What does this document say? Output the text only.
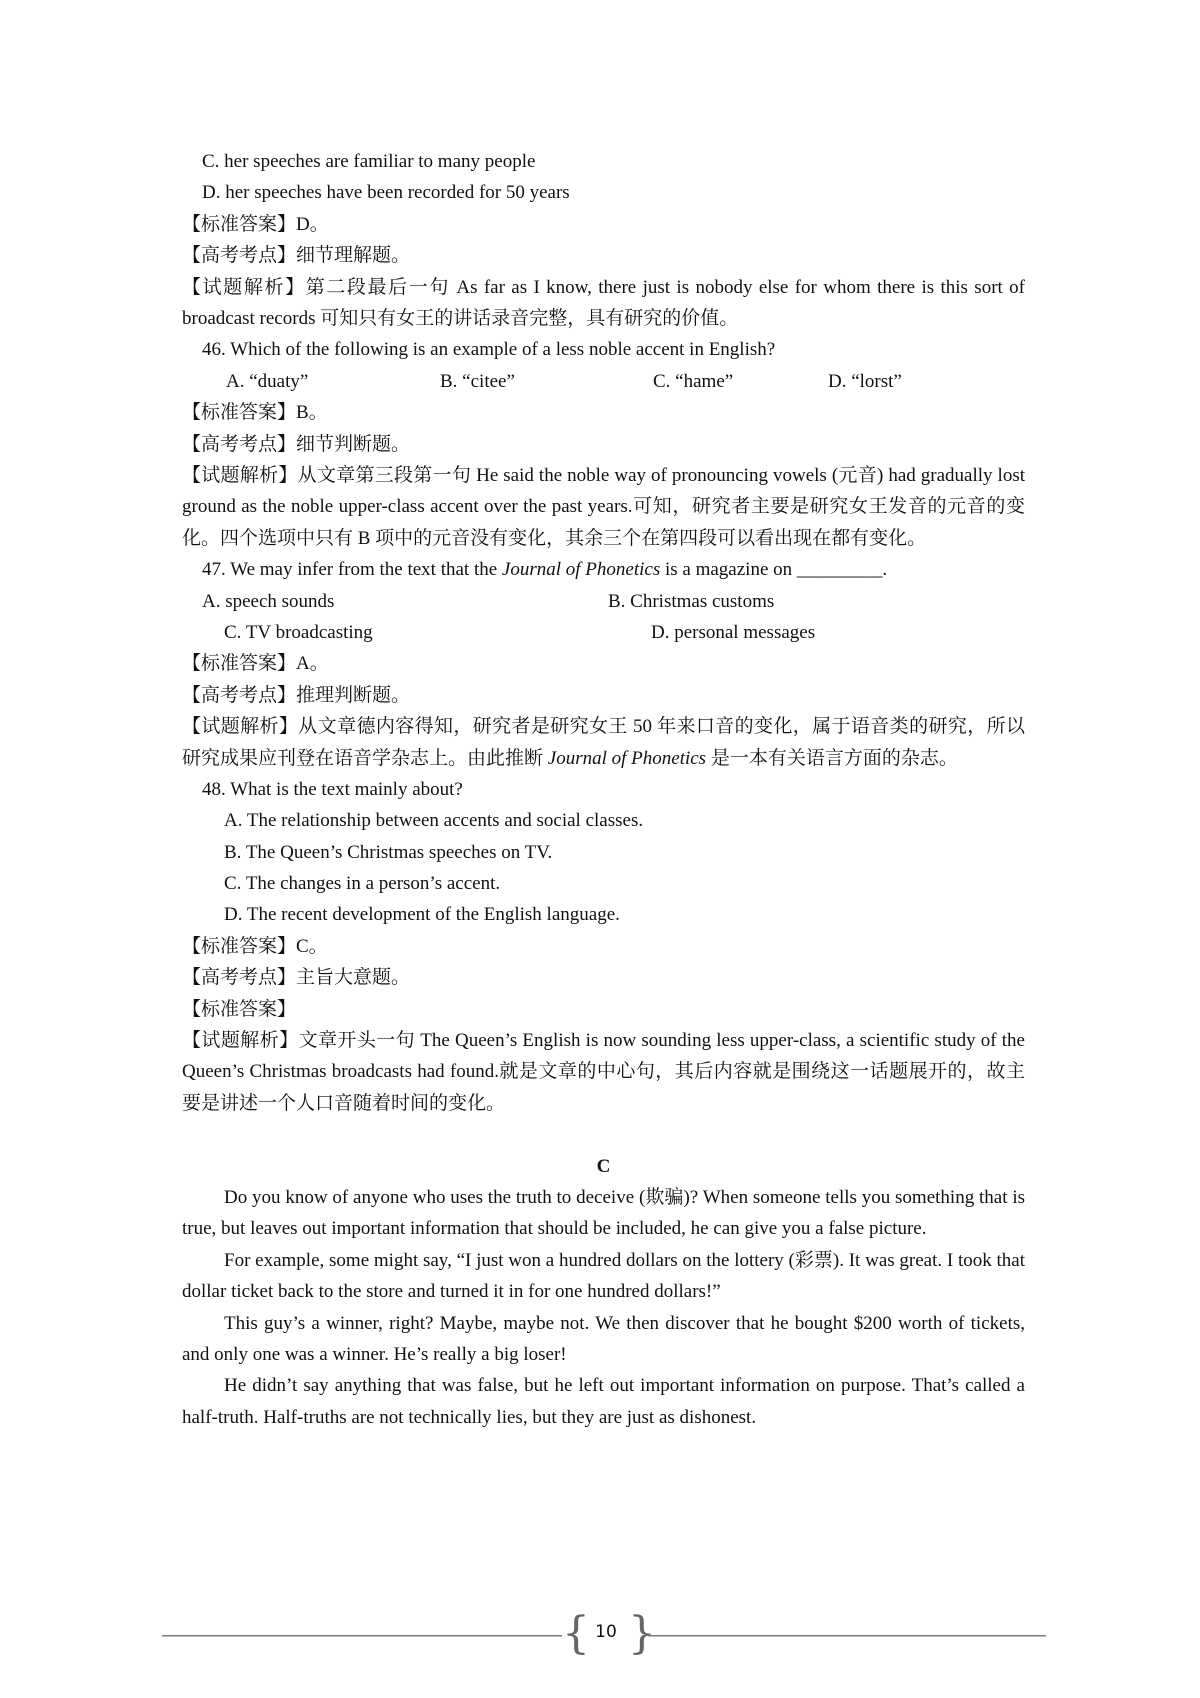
C. her speeches are familiar to many people
D. her speeches have been recorded for 50 years
【标准答案】D。
【高考考点】细节理解题。
【试题解析】第二段最后一句 As far as I know, there just is nobody else for whom there is this sort of broadcast records 可知只有女王的讲话录音完整，具有研究的价值。
46. Which of the following is an example of a less noble accent in English?
A. “duaty”	B. “citee”	C. “hame”	D. “lorst”
【标准答案】B。
【高考考点】细节判断题。
【试题解析】从文章第三段第一句 He said the noble way of pronouncing vowels (元音) had gradually lost ground as the noble upper-class accent over the past years.可知，研究者主要是研究女王发音的元音的变化。四个选项中只有 B 项中的元音没有变化，其余三个在第四段可以看出现在都有变化。
47. We may infer from the text that the Journal of Phonetics is a magazine on _________.
A. speech sounds	B. Christmas customs
C. TV broadcasting	D. personal messages
【标准答案】A。
【高考考点】推理判断题。
【试题解析】从文章德内容得知，研究者是研究女王 50 年来口音的变化，属于语音类的研究，所以研究成果应刊登在语音学杂志上。由此推断 Journal of Phonetics 是一本有关语言方面的杂志。
48. What is the text mainly about?
A. The relationship between accents and social classes.
B. The Queen’s Christmas speeches on TV.
C. The changes in a person’s accent.
D. The recent development of the English language.
【标准答案】C。
【高考考点】主旨大意题。
【标准答案】
【试题解析】文章开头一句 The Queen’s English is now sounding less upper-class, a scientific study of the Queen’s Christmas broadcasts had found.就是文章的中心句，其后内容就是围绕这一话题展开的，故主要是讲述一个人口音随着时间的变化。
C
Do you know of anyone who uses the truth to deceive (欺骗)? When someone tells you something that is true, but leaves out important information that should be included, he can give you a false picture.
For example, some might say, “I just won a hundred dollars on the lottery (彩票). It was great. I took that dollar ticket back to the store and turned it in for one hundred dollars!”
This guy’s a winner, right? Maybe, maybe not. We then discover that he bought $200 worth of tickets, and only one was a winner. He’s really a big loser!
He didn’t say anything that was false, but he left out important information on purpose. That’s called a half-truth. Half-truths are not technically lies, but they are just as dishonest.
{ 10 }
